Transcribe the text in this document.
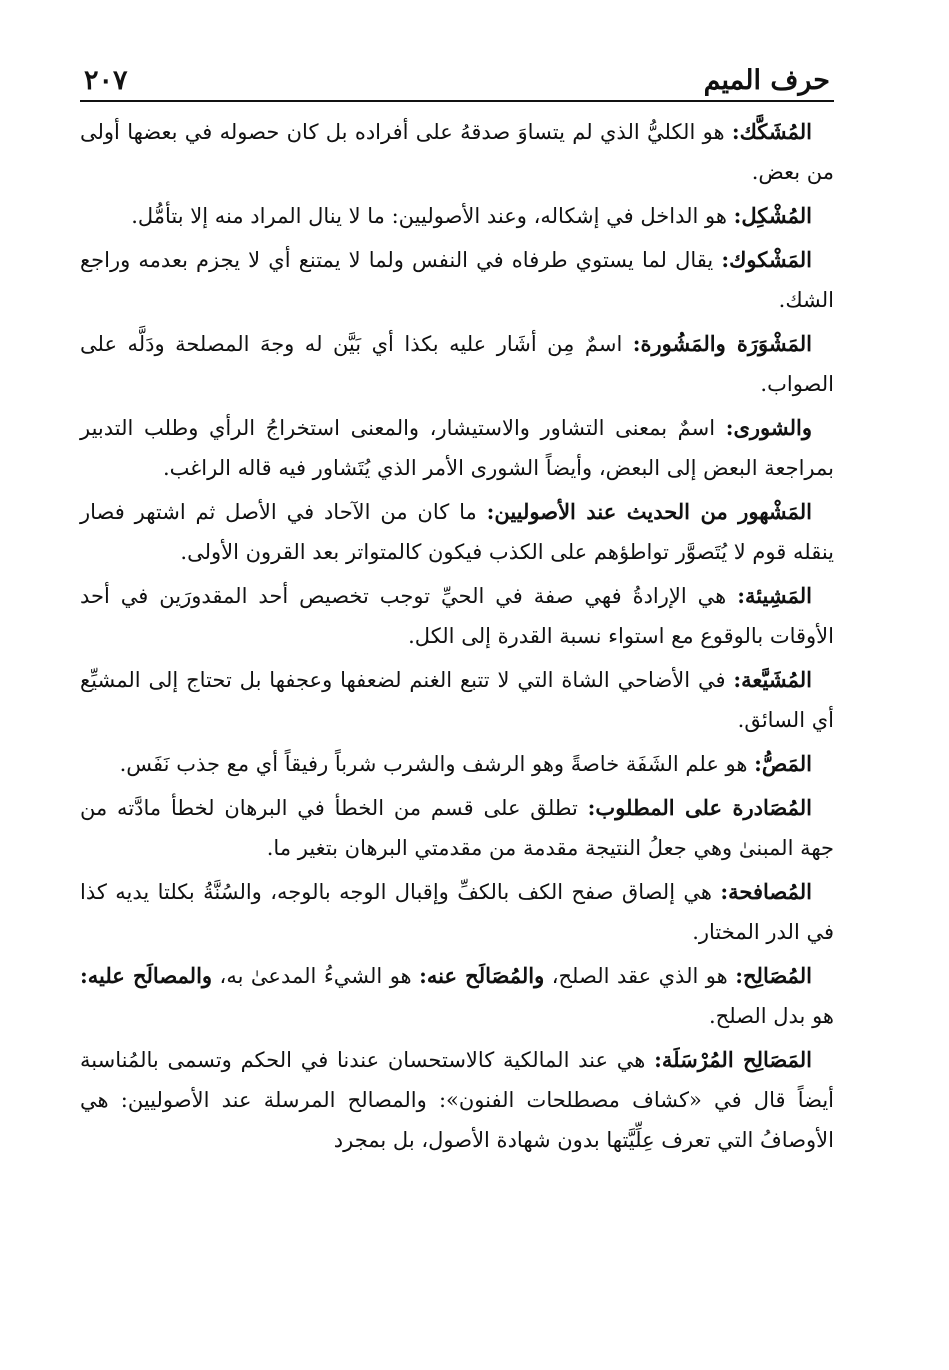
حرف الميم
٢٠٧

المُشَكَّك: هو الكليُّ الذي لم يتساوَ صدقهُ على أفراده بل كان حصوله في بعضها أولى من بعض.

المُشْكِل: هو الداخل في إشكاله، وعند الأصوليين: ما لا ينال المراد منه إلا بتأمُّل.

المَشْكوك: يقال لما يستوي طرفاه في النفس ولما لا يمتنع أي لا يجزم بعدمه وراجع الشك.

المَشْوَرَة والمَشُورة: اسمٌ مِن أشَار عليه بكذا أي بَيَّن له وجهَ المصلحة ودَلَّه على الصواب.

والشورى: اسمٌ بمعنى التشاور والاستيشار، والمعنى استخراجُ الرأي وطلب التدبير بمراجعة البعض إلى البعض، وأيضاً الشورى الأمر الذي يُتَشاور فيه قاله الراغب.

المَشْهور من الحديث عند الأصوليين: ما كان من الآحاد في الأصل ثم اشتهر فصار ينقله قوم لا يُتَصوَّر تواطؤهم على الكذب فيكون كالمتواتر بعد القرون الأولى.

المَشِيئة: هي الإرادةُ فهي صفة في الحيِّ توجب تخصيص أحد المقدورَين في أحد الأوقات بالوقوع مع استواء نسبة القدرة إلى الكل.

المُشَيَّعة: في الأضاحي الشاة التي لا تتبع الغنم لضعفها وعجفها بل تحتاج إلى المشيِّع أي السائق.

المَصُّ: هو علم الشَفَة خاصةً وهو الرشف والشرب شرباً رفيقاً أي مع جذب نَفَس.

المُصَادرة على المطلوب: تطلق على قسم من الخطأ في البرهان لخطأ مادَّته من جهة المبنىٰ وهي جعلُ النتيجة مقدمة من مقدمتي البرهان بتغير ما.

المُصافحة: هي إلصاق صفح الكف بالكفِّ وإقبال الوجه بالوجه، والسُنَّةُ بكلتا يديه كذا في الدر المختار.

المُصَالِح: هو الذي عقد الصلح، والمُصَالَح عنه: هو الشيءُ المدعىٰ به، والمصالَح عليه: هو بدل الصلح.

المَصَالِح المُرْسَلَة: هي عند المالكية كالاستحسان عندنا في الحكم وتسمى بالمُناسبة أيضاً قال في «كشاف مصطلحات الفنون»: والمصالح المرسلة عند الأصوليين: هي الأوصافُ التي تعرف عِلِّيَّتها بدون شهادة الأصول، بل بمجرد
